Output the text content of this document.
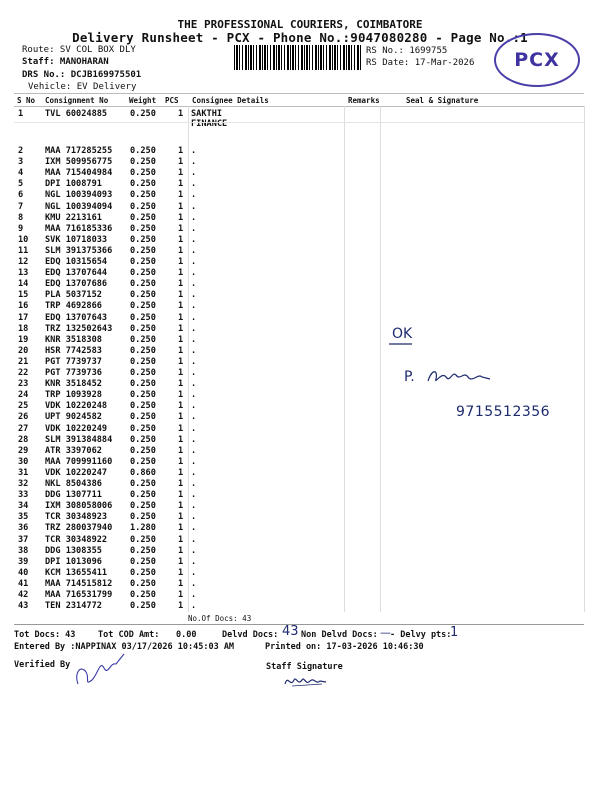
THE PROFESSIONAL COURIERS, COIMBATORE
Delivery Runsheet - PCX - Phone No.:9047080280 - Page No.:1
Route: SV COL BOX DLY
Staff: MANOHARAN
DRS No.: DCJB169975501
Vehicle: EV Delivery
RS No.: 1699755
RS Date: 17-Mar-2026	PCX
S No Consignment No	Weight PCS Consignee Details	Remarks	Seal & Signature
1	TVL 60024885	0.250	1 SAKTHI FINANCE
2	MAA 717285255 0.250	1 .
3	IXM 509956775 0.250	1 .
4	MAA 715404984 0.250	1 .
5	DPI 1008791	0.250	1 .
6	NGL 100394093 0.250	1 .
7	NGL 100394094 0.250	1 .
8	KMU 2213161	0.250	1 .
9	MAA 716185336 0.250	1 .
10 SVK 10718033	0.250	1 .
11 SLM 391375366 0.250	1 .
12 EDQ 10315654	0.250	1 .
13 EDQ 13707644	0.250	1 .
14 EDQ 13707686	0.250	1 .
15 PLA 5037152	0.250	1 .
16 TRP 4692866	0.250	1 .
17 EDQ 13707643	0.250	1 .
18 TRZ 132502643 0.250	1 .
19 KNR 3518308	0.250	1 .
20 HSR 7742583	0.250	1 .
21 PGT 7739737	0.250	1 .
22 PGT 7739736	0.250	1 .
23 KNR 3518452	0.250	1 .
24 TRP 1093928	0.250	1 .
25 VDK 10220248	0.250	1 .
26 UPT 9024582	0.250	1 .
27 VDK 10220249	0.250	1 .
28 SLM 391384884 0.250	1 .
29 ATR 3397062	0.250	1 .
30 MAA 709991160 0.250	1 .
31 VDK 10220247	0.860	1 .
32 NKL 8504386	0.250	1 .
33 DDG 1307711	0.250	1 .
34 IXM 308058006 0.250	1 .
35 TCR 30348923	0.250	1 .
36 TRZ 280037940 1.280	1 .
37 TCR 30348922	0.250	1 .
38 DDG 1308355	0.250	1 .
39 DPI 1013096	0.250	1 .
40 KCM 13655411	0.250	1 .
41 MAA 714515812 0.250	1 .
42 MAA 716531799 0.250	1 .
43 TEN 2314772	0.250	1 .
No.Of Docs: 43
OK
P.
9715512356
Tot Docs: 43	Tot COD Amt: 0.00	Delvd Docs: 43 Non Delvd Docs: — - Delvy pts:
1
Entered By :NAPPINAX 03/17/2026 10:45:03 AM	Printed on: 17-03-2026 10:46:30
Verified By	Staff Signature
